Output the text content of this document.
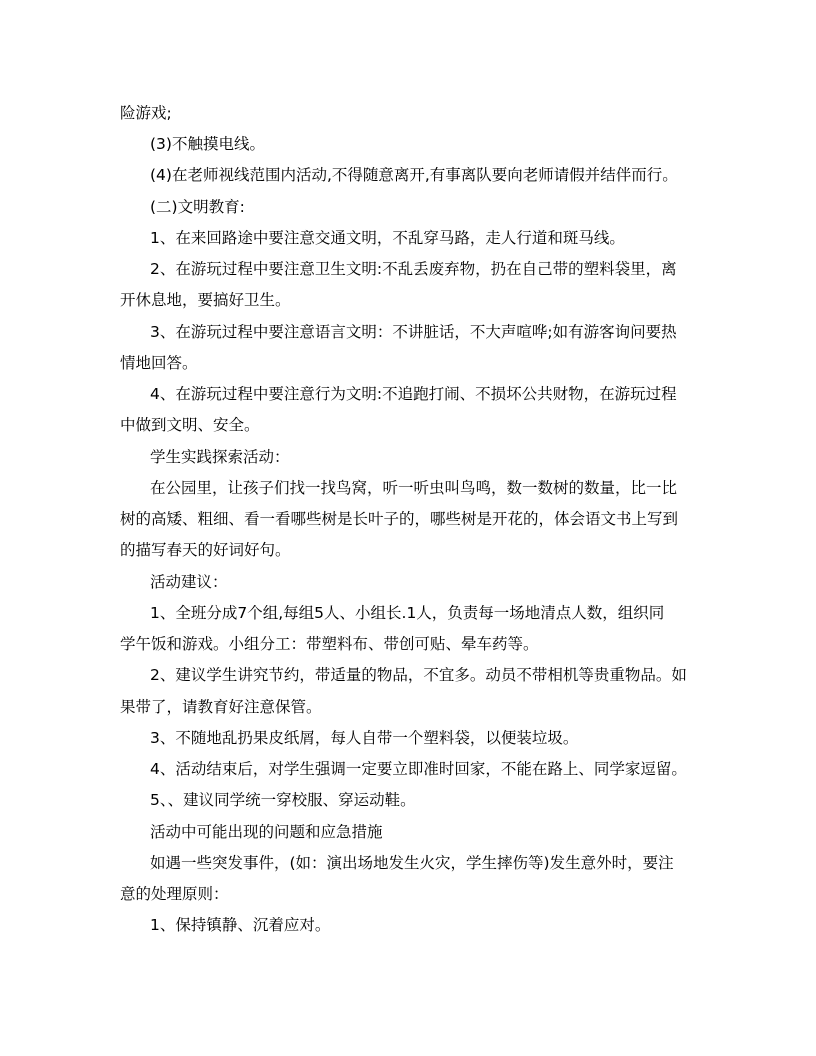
险游戏;
(3)不触摸电线。
(4)在老师视线范围内活动,不得随意离开,有事离队要向老师请假并结伴而行。
(二)文明教育:
1、在来回路途中要注意交通文明，不乱穿马路，走人行道和斑马线。
2、在游玩过程中要注意卫生文明:不乱丢废弃物，扔在自己带的塑料袋里，离
开休息地，要搞好卫生。
3、在游玩过程中要注意语言文明：不讲脏话，不大声喧哗;如有游客询问要热
情地回答。
4、在游玩过程中要注意行为文明:不追跑打闹、不损坏公共财物，在游玩过程
中做到文明、安全。
学生实践探索活动：
在公园里，让孩子们找一找鸟窝，听一听虫叫鸟鸣，数一数树的数量，比一比
树的高矮、粗细、看一看哪些树是长叶子的，哪些树是开花的，体会语文书上写到
的描写春天的好词好句。
活动建议：
1、全班分成7个组,每组5人、小组长.1人，负责每一场地清点人数，组织同
学午饭和游戏。小组分工：带塑料布、带创可贴、晕车药等。
2、建议学生讲究节约，带适量的物品，不宜多。动员不带相机等贵重物品。如
果带了，请教育好注意保管。
3、不随地乱扔果皮纸屑，每人自带一个塑料袋，以便装垃圾。
4、活动结束后，对学生强调一定要立即准时回家，不能在路上、同学家逗留。
5、、建议同学统一穿校服、穿运动鞋。
活动中可能出现的问题和应急措施
如遇一些突发事件，(如：演出场地发生火灾，学生摔伤等)发生意外时，要注
意的处理原则：
1、保持镇静、沉着应对。
